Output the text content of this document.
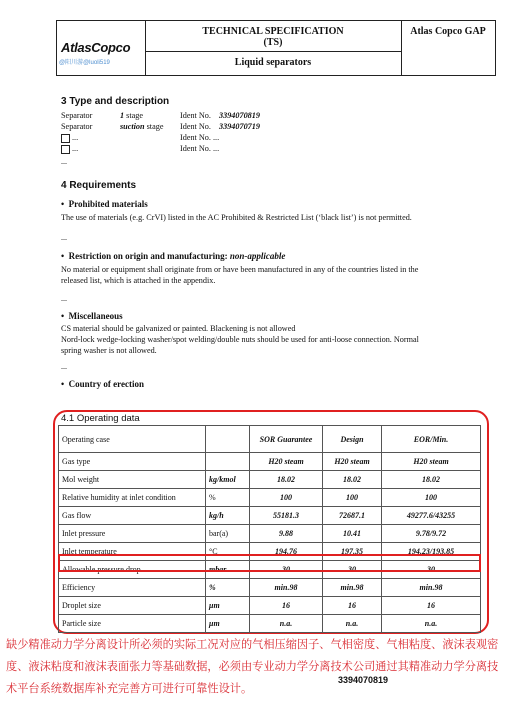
AtlasCopco
@阳川游@luoli519
TECHNICAL SPECIFICATION
(TS)
Liquid separators
Atlas Copco GAP
3 Type and description
Separator	1 stage	Ident No. 3394070819
Separator	suction stage Ident No. 3394070719
...	Ident No. ...
...	Ident No. ...
...
4 Requirements
•  Prohibited materials
The use of materials (e.g. CrVI) listed in the AC Prohibited & Restricted List (‘black list’) is not permitted.
...
•  Restriction on origin and manufacturing: non-applicable
No material or equipment shall originate from or have been manufactured in any of the countries listed in the
released list, which is attached in the appendix.
...
•  Miscellaneous
CS material should be galvanized or painted. Blackening is not allowed
Nord-lock wedge-locking washer/spot welding/double nuts should be used for anti-loose connection. Normal
spring washer is not allowed.
...
•  Country of erection
4.1 Operating data
Operating case		SOR Guarantee	Design	EOR/Min.
Gas type		H20 steam	H20 steam	H20 steam
Mol weight	kg/kmol	18.02	18.02	18.02
Relative humidity at inlet condition	%	100	100	100
Gas flow	kg/h	55181.3	72687.1	49277.6/43255
Inlet pressure	bar(a)	9.88	10.41	9.78/9.72
Inlet temperature	°C	194.76	197.35	194.23/193.85
Allowable pressure drop	mbar	30	30	30
Efficiency	%	min.98	min.98	min.98
Droplet size	μm	16	16	16
Particle size	μm	n.a.	n.a.	n.a.
3394070819
缺少精准动力学分离设计所必须的实际工况对应的气相压缩因子、气相密度、气相粘度、液沫表观密度、液沫粘度和液沫表面张力等基础数据，必须由专业动力学分离技术公司通过其精准动力学分离技术平台系统数据库补充完善方可进行可靠性设计。
